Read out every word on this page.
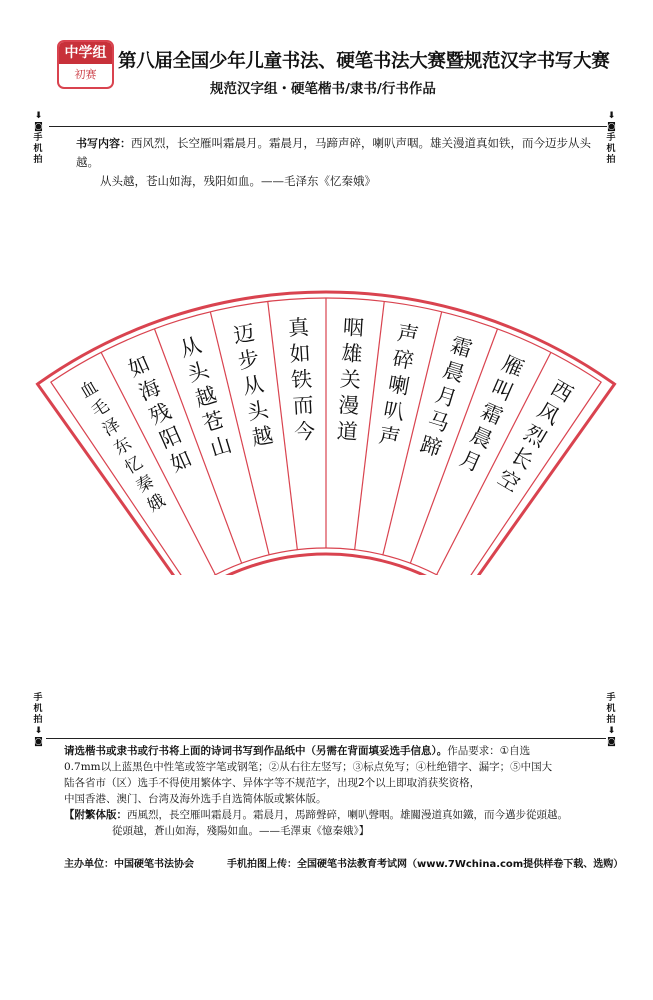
中学组
初赛
第八届全国少年儿童书法、硬笔书法大赛暨规范汉字书写大赛
规范汉字组・硬笔楷书/隶书/行书作品
⬇ ◙
手
机
拍
⬇ ◙
手
机
拍
手
机
拍
⬇ ◙
手
机
拍
⬇ ◙
书写内容：西风烈，长空雁叫霜晨月。霜晨月，马蹄声碎，喇叭声咽。雄关漫道真如铁，而今迈步从头越。
从头越，苍山如海，残阳如血。——毛泽东《忆秦娥》
西
风
烈
长
空
雁
叫
霜
晨
月
霜
晨
月
马
蹄
声
碎
喇
叭
声
咽
雄
关
漫
道
真
如
铁
而
今
迈
步
从
头
越
从
头
越
苍
山
如
海
残
阳
如
血
毛
泽
东
忆
秦
娥

请选楷书或隶书或行书将上面的诗词书写到作品纸中（另需在背面填妥选手信息）。作品要求：①自选

0.7mm以上蓝黑色中性笔或签字笔或钢笔；②从右往左竖写；③标点免写；④杜绝错字、漏字；⑤中国大

陆各省市（区）选手不得使用繁体字、异体字等不规范字，出现2个以上即取消获奖资格，

中国香港、澳门、台湾及海外选手自选简体版或繁体版。

【附繁体版：西風烈，長空雁叫霜晨月。霜晨月，馬蹄聲碎，喇叭聲咽。雄關漫道真如鐵，而今邁步從頭越。

從頭越，蒼山如海，殘陽如血。——毛澤東《憶秦娥》】

主办单位：中国硬笔书法协会	手机拍图上传：全国硬笔书法教育考试网（www.7Wchina.com提供样卷下载、选购）
